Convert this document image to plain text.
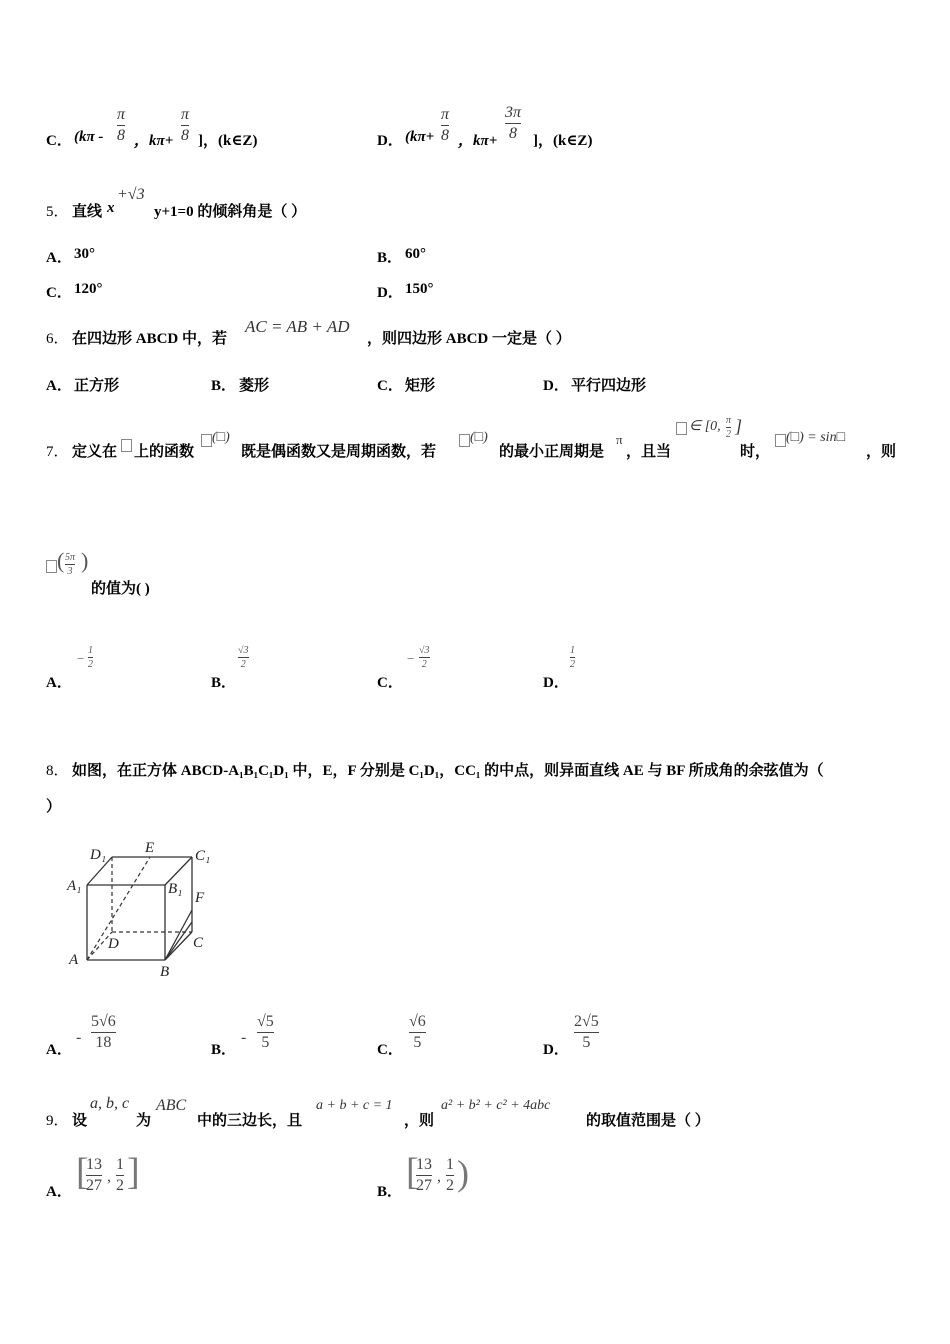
C． (kπ -
π
8 ，kπ+
π
8 ]，(k∈Z)	D． (kπ+
π
8 ，kπ+
3π
8 ]，(k∈Z)
5． 直线 x
+√3
y+1=0 的倾斜角是（ ）
A． 30°	B． 60°
C． 120°	D． 150°
6． 在四边形 ABCD 中，若
AC = AB + AD
，则四边形 ABCD 一定是（ ）
A． 正方形	B． 菱形	C． 矩形	D． 平行四边形
7． 定义在 上的函数
(□)
既是偶函数又是周期函数，若
(□)
的最小正周期是
π
，且当
∈ [0, π
2 ]
时，
(□) = sin□
，则
( 5π
3 )
的值为( )
A．
−
1
2
B．
√3
2
C．
−
√3
2
D．
1
2
8． 如图，在正方体 ABCD-A₁B₁C₁D₁ 中，E，F 分别是 C₁D₁，CC₁ 的中点，则异面直线 AE 与 BF 所成角的余弦值为（
）
D₁	E	C₁
A₁	B₁
F
D	C
A
B
A．
-
5√6
18	B．
-
√5
5	C．
√6
5	D．
2√5
5
9． 设
a, b, c
为
ABC
中的三边长，且
a + b + c = 1
，则
a² + b² + c² + 4abc
的取值范围是（ ）
A． [
13
27
,
1
2 ]	B． [
13
27
,
1
2 )
